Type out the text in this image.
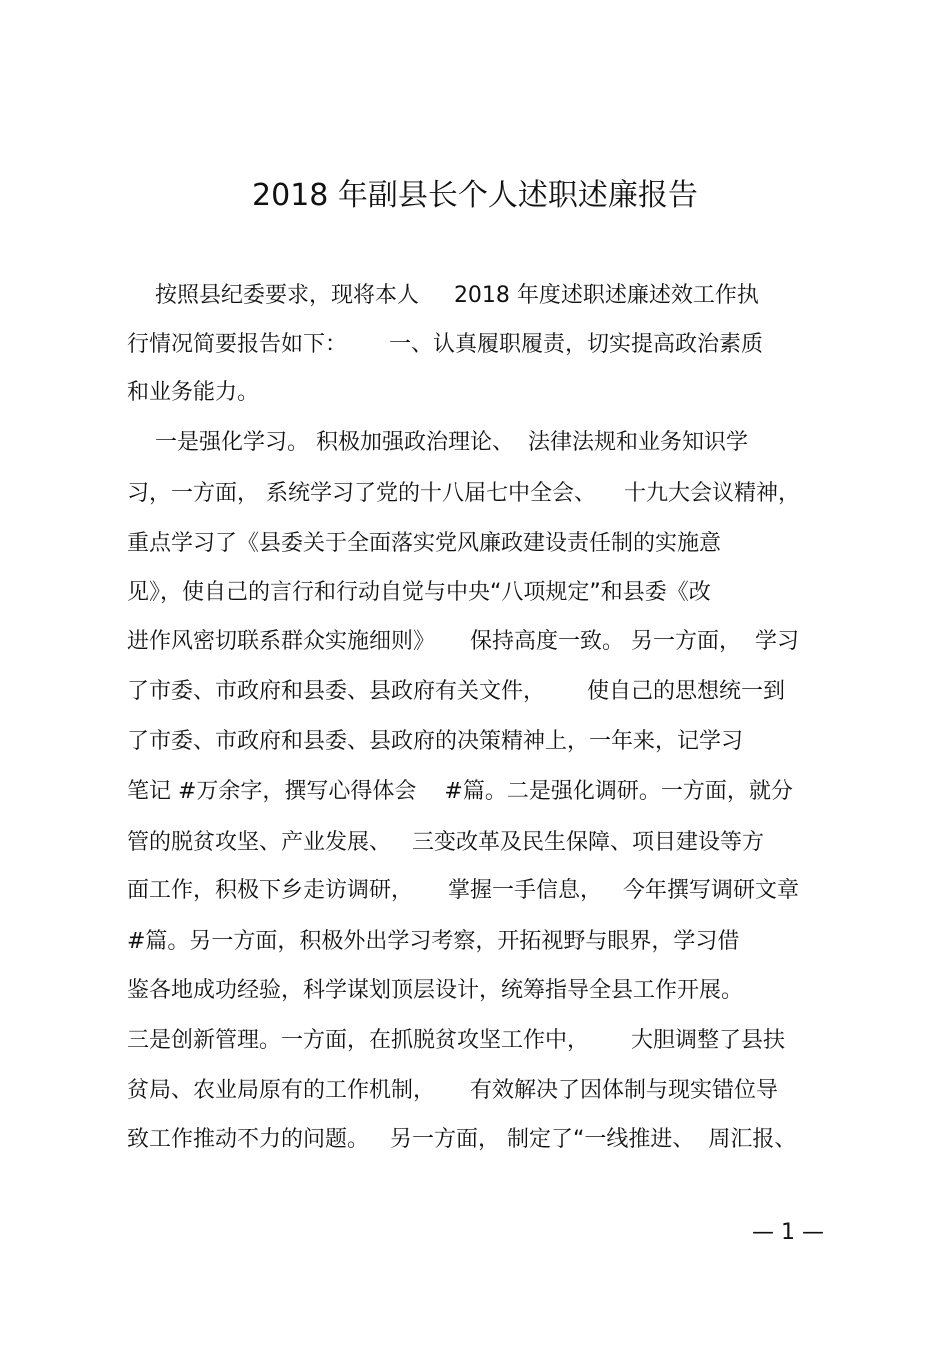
2018 年副县长个人述职述廉报告
按照县纪委要求，现将本人     2018 年度述职述廉述效工作执
行情况简要报告如下：      一、认真履职履责，切实提高政治素质
和业务能力。
一是强化学习。 积极加强政治理论、  法律法规和业务知识学
习，一方面， 系统学习了党的十八届七中全会、    十九大会议精神，
重点学习了《县委关于全面落实党风廉政建设责任制的实施意
见》，使自己的言行和行动自觉与中央“八项规定”和县委《改
进作风密切联系群众实施细则》     保持高度一致。 另一方面，  学习
了市委、市政府和县委、县政府有关文件，      使自己的思想统一到
了市委、市政府和县委、县政府的决策精神上，一年来，记学习
笔记 #万余字，撰写心得体会    #篇。二是强化调研。一方面，就分
管的脱贫攻坚、产业发展、   三变改革及民生保障、项目建设等方
面工作，积极下乡走访调研，     掌握一手信息，   今年撰写调研文章
#篇。另一方面，积极外出学习考察，开拓视野与眼界，学习借
鉴各地成功经验，科学谋划顶层设计，统筹指导全县工作开展。
三是创新管理。一方面，在抓脱贫攻坚工作中，      大胆调整了县扶
贫局、农业局原有的工作机制，     有效解决了因体制与现实错位导
致工作推动不力的问题。   另一方面， 制定了“一线推进、  周汇报、
— 1 —
